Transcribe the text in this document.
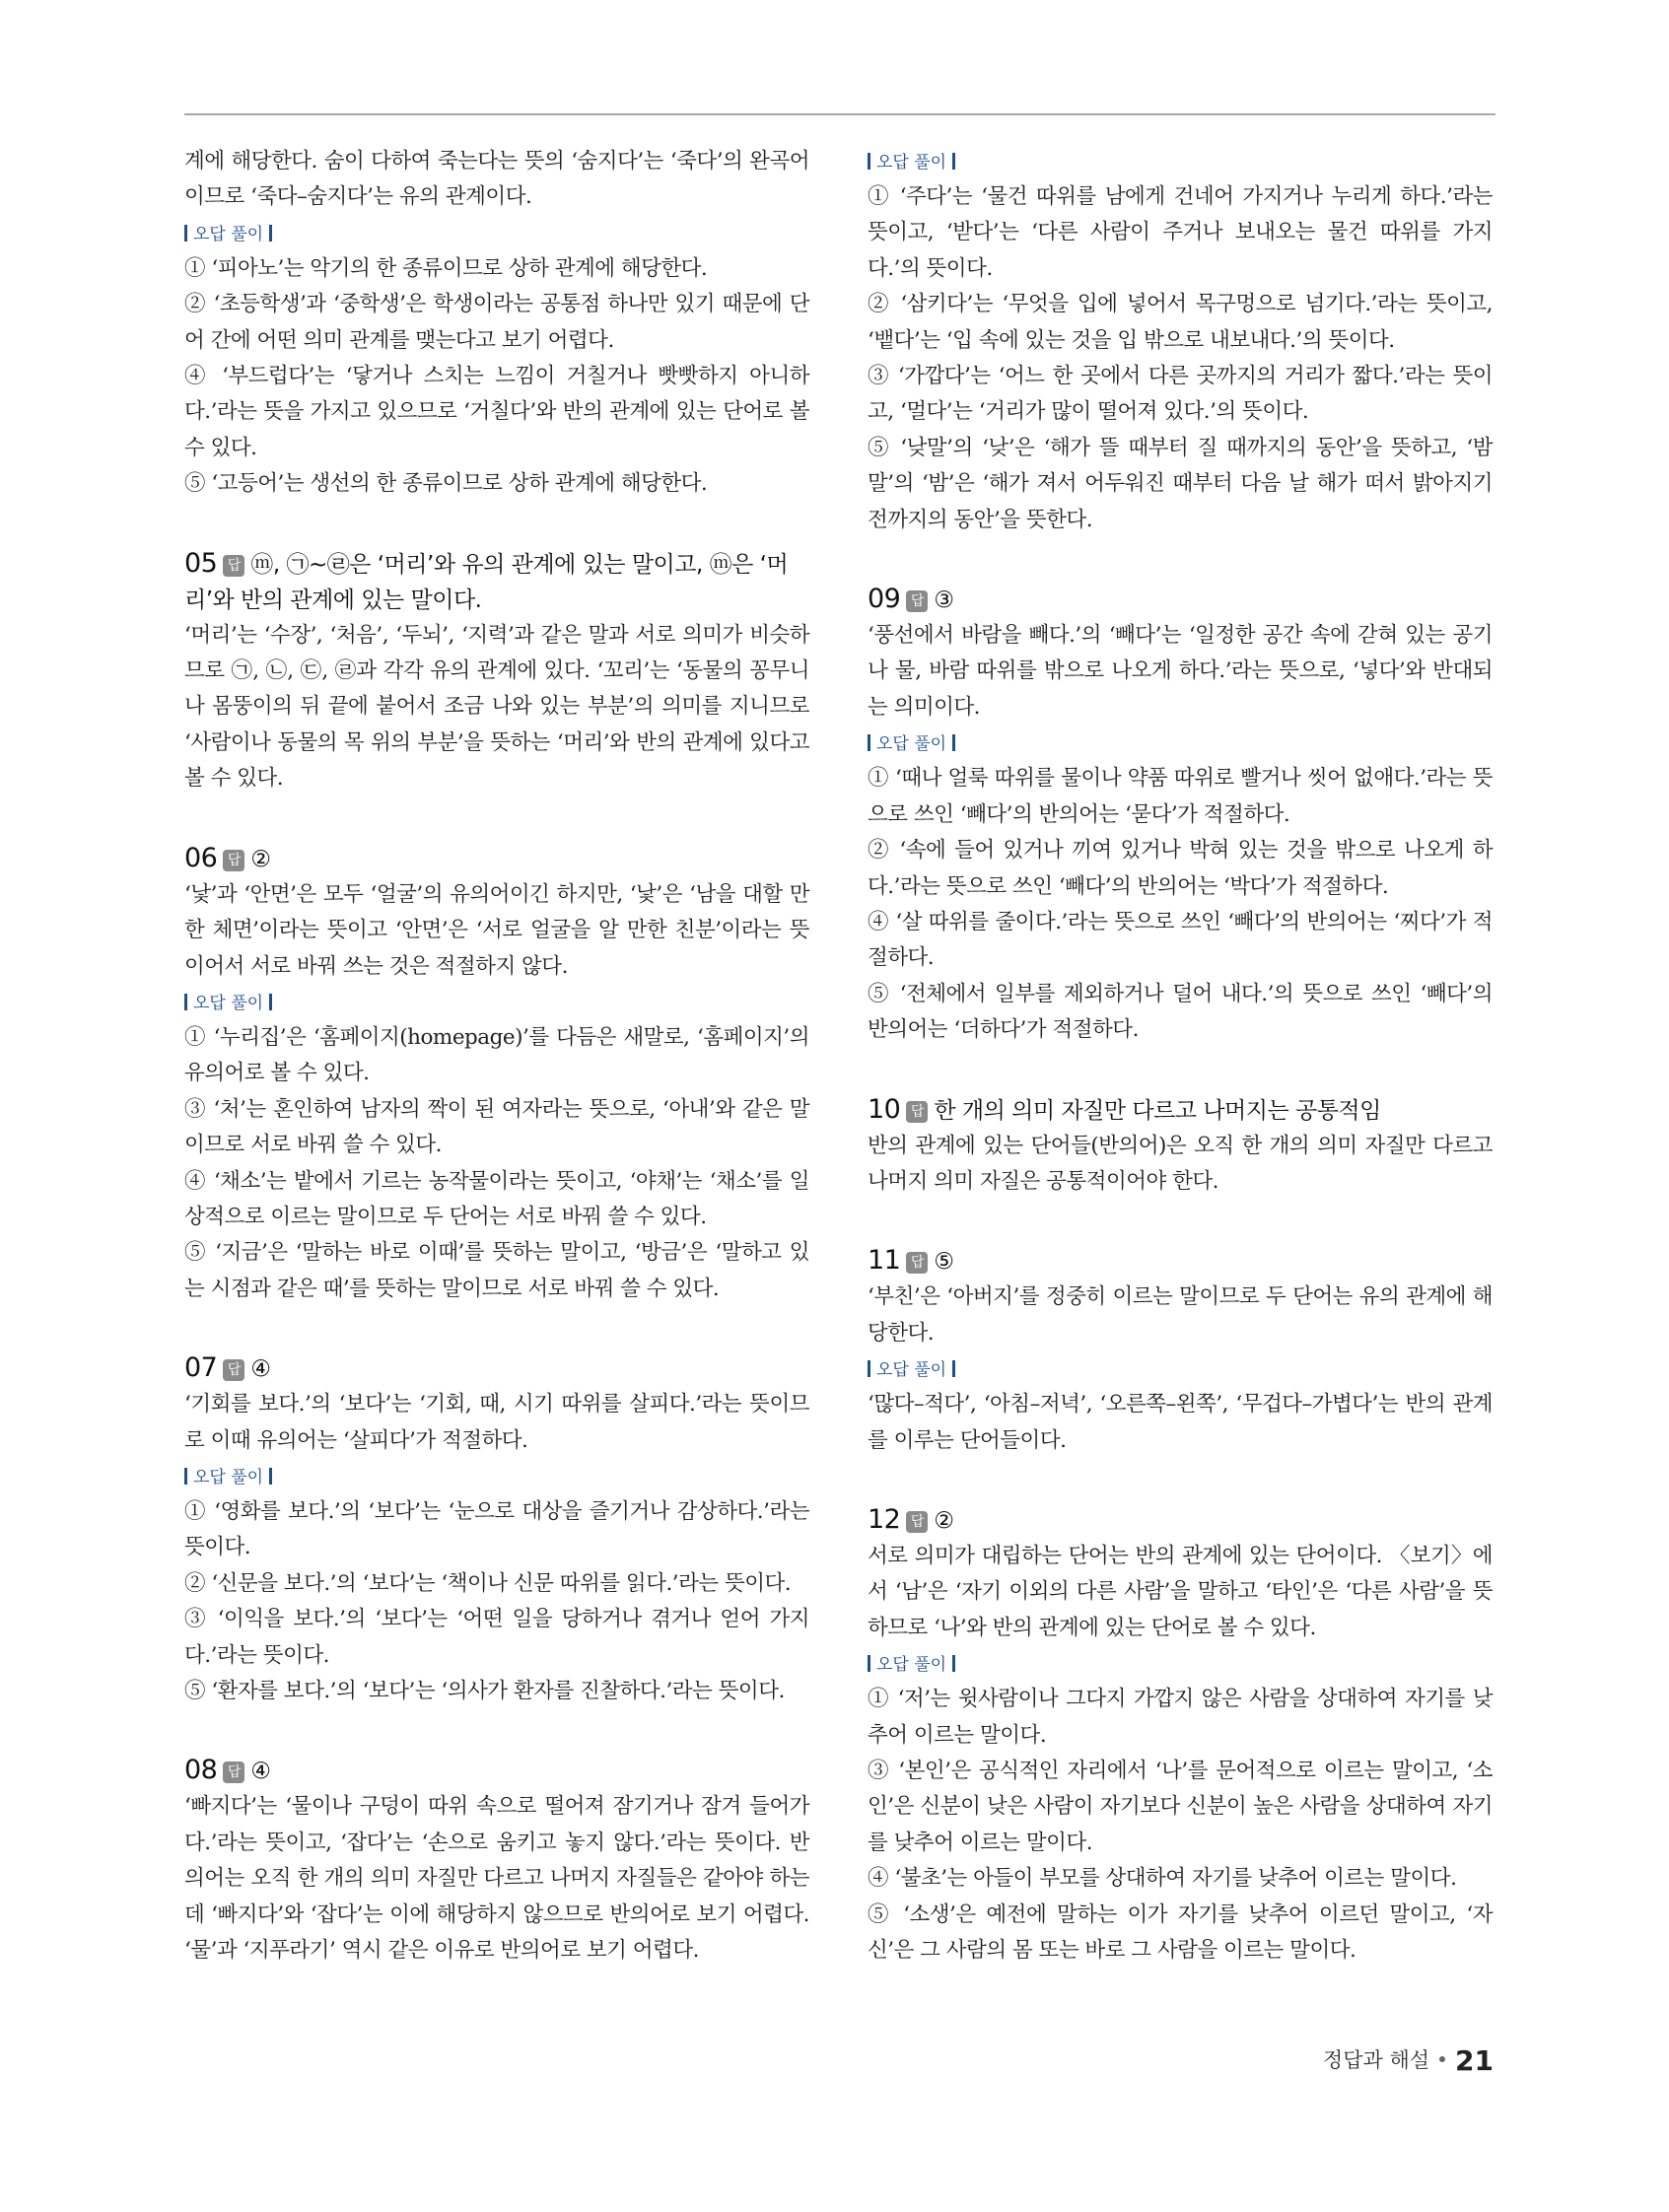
계에 해당한다. 숨이 다하여 죽는다는 뜻의 ‘숨지다’는 ‘죽다’의 완곡어이므로 ‘죽다–숨지다’는 유의 관계이다.

오답 풀이

① ‘피아노’는 악기의 한 종류이므로 상하 관계에 해당한다.

② ‘초등학생’과 ‘중학생’은 학생이라는 공통점 하나만 있기 때문에 단어 간에 어떤 의미 관계를 맺는다고 보기 어렵다.

④ ‘부드럽다’는 ‘닿거나 스치는 느낌이 거칠거나 빳빳하지 아니하다.’라는 뜻을 가지고 있으므로 ‘거칠다’와 반의 관계에 있는 단어로 볼 수 있다.

⑤ ‘고등어’는 생선의 한 종류이므로 상하 관계에 해당한다.

05 답 ⓜ, ㉠~㉣은 ‘머리’와 유의 관계에 있는 말이고, ⓜ은 ‘머리’와 반의 관계에 있는 말이다.

‘머리’는 ‘수장’, ‘처음’, ‘두뇌’, ‘지력’과 같은 말과 서로 의미가 비슷하므로 ㉠, ㉡, ㉢, ㉣과 각각 유의 관계에 있다. ‘꼬리’는 ‘동물의 꽁무니나 몸뚱이의 뒤 끝에 붙어서 조금 나와 있는 부분’의 의미를 지니므로 ‘사람이나 동물의 목 위의 부분’을 뜻하는 ‘머리’와 반의 관계에 있다고 볼 수 있다.

06 답 ②

‘낯’과 ‘안면’은 모두 ‘얼굴’의 유의어이긴 하지만, ‘낯’은 ‘남을 대할 만한 체면’이라는 뜻이고 ‘안면’은 ‘서로 얼굴을 알 만한 친분’이라는 뜻이어서 서로 바꿔 쓰는 것은 적절하지 않다.

오답 풀이

① ‘누리집’은 ‘홈페이지(homepage)’를 다듬은 새말로, ‘홈페이지’의 유의어로 볼 수 있다.

③ ‘처’는 혼인하여 남자의 짝이 된 여자라는 뜻으로, ‘아내’와 같은 말이므로 서로 바꿔 쓸 수 있다.

④ ‘채소’는 밭에서 기르는 농작물이라는 뜻이고, ‘야채’는 ‘채소’를 일상적으로 이르는 말이므로 두 단어는 서로 바꿔 쓸 수 있다.

⑤ ‘지금’은 ‘말하는 바로 이때’를 뜻하는 말이고, ‘방금’은 ‘말하고 있는 시점과 같은 때’를 뜻하는 말이므로 서로 바꿔 쓸 수 있다.

07 답 ④

‘기회를 보다.’의 ‘보다’는 ‘기회, 때, 시기 따위를 살피다.’라는 뜻이므로 이때 유의어는 ‘살피다’가 적절하다.

오답 풀이

① ‘영화를 보다.’의 ‘보다’는 ‘눈으로 대상을 즐기거나 감상하다.’라는 뜻이다.

② ‘신문을 보다.’의 ‘보다’는 ‘책이나 신문 따위를 읽다.’라는 뜻이다.

③ ‘이익을 보다.’의 ‘보다’는 ‘어떤 일을 당하거나 겪거나 얻어 가지다.’라는 뜻이다.

⑤ ‘환자를 보다.’의 ‘보다’는 ‘의사가 환자를 진찰하다.’라는 뜻이다.

08 답 ④

‘빠지다’는 ‘물이나 구덩이 따위 속으로 떨어져 잠기거나 잠겨 들어가다.’라는 뜻이고, ‘잡다’는 ‘손으로 움키고 놓지 않다.’라는 뜻이다. 반의어는 오직 한 개의 의미 자질만 다르고 나머지 자질들은 같아야 하는데 ‘빠지다’와 ‘잡다’는 이에 해당하지 않으므로 반의어로 보기 어렵다. ‘물’과 ‘지푸라기’ 역시 같은 이유로 반의어로 보기 어렵다.

오답 풀이

① ‘주다’는 ‘물건 따위를 남에게 건네어 가지거나 누리게 하다.’라는 뜻이고, ‘받다’는 ‘다른 사람이 주거나 보내오는 물건 따위를 가지다.’의 뜻이다.

② ‘삼키다’는 ‘무엇을 입에 넣어서 목구멍으로 넘기다.’라는 뜻이고, ‘뱉다’는 ‘입 속에 있는 것을 입 밖으로 내보내다.’의 뜻이다.

③ ‘가깝다’는 ‘어느 한 곳에서 다른 곳까지의 거리가 짧다.’라는 뜻이고, ‘멀다’는 ‘거리가 많이 떨어져 있다.’의 뜻이다.

⑤ ‘낮말’의 ‘낮’은 ‘해가 뜰 때부터 질 때까지의 동안’을 뜻하고, ‘밤말’의 ‘밤’은 ‘해가 져서 어두워진 때부터 다음 날 해가 떠서 밝아지기 전까지의 동안’을 뜻한다.

09 답 ③

‘풍선에서 바람을 빼다.’의 ‘빼다’는 ‘일정한 공간 속에 갇혀 있는 공기나 물, 바람 따위를 밖으로 나오게 하다.’라는 뜻으로, ‘넣다’와 반대되는 의미이다.

오답 풀이

① ‘때나 얼룩 따위를 물이나 약품 따위로 빨거나 씻어 없애다.’라는 뜻으로 쓰인 ‘빼다’의 반의어는 ‘묻다’가 적절하다.

② ‘속에 들어 있거나 끼여 있거나 박혀 있는 것을 밖으로 나오게 하다.’라는 뜻으로 쓰인 ‘빼다’의 반의어는 ‘박다’가 적절하다.

④ ‘살 따위를 줄이다.’라는 뜻으로 쓰인 ‘빼다’의 반의어는 ‘찌다’가 적절하다.

⑤ ‘전체에서 일부를 제외하거나 덜어 내다.’의 뜻으로 쓰인 ‘빼다’의 반의어는 ‘더하다’가 적절하다.

10 답 한 개의 의미 자질만 다르고 나머지는 공통적임

반의 관계에 있는 단어들(반의어)은 오직 한 개의 의미 자질만 다르고 나머지 의미 자질은 공통적이어야 한다.

11 답 ⑤

‘부친’은 ‘아버지’를 정중히 이르는 말이므로 두 단어는 유의 관계에 해당한다.

오답 풀이

‘많다–적다’, ‘아침–저녁’, ‘오른쪽–왼쪽’, ‘무겁다–가볍다’는 반의 관계를 이루는 단어들이다.

12 답 ②

서로 의미가 대립하는 단어는 반의 관계에 있는 단어이다. 〈보기〉에서 ‘남’은 ‘자기 이외의 다른 사람’을 말하고 ‘타인’은 ‘다른 사람’을 뜻하므로 ‘나’와 반의 관계에 있는 단어로 볼 수 있다.

오답 풀이

① ‘저’는 윗사람이나 그다지 가깝지 않은 사람을 상대하여 자기를 낮추어 이르는 말이다.

③ ‘본인’은 공식적인 자리에서 ‘나’를 문어적으로 이르는 말이고, ‘소인’은 신분이 낮은 사람이 자기보다 신분이 높은 사람을 상대하여 자기를 낮추어 이르는 말이다.

④ ‘불초’는 아들이 부모를 상대하여 자기를 낮추어 이르는 말이다.

⑤ ‘소생’은 예전에 말하는 이가 자기를 낮추어 이르던 말이고, ‘자신’은 그 사람의 몸 또는 바로 그 사람을 이르는 말이다.

정답과 해설 21
